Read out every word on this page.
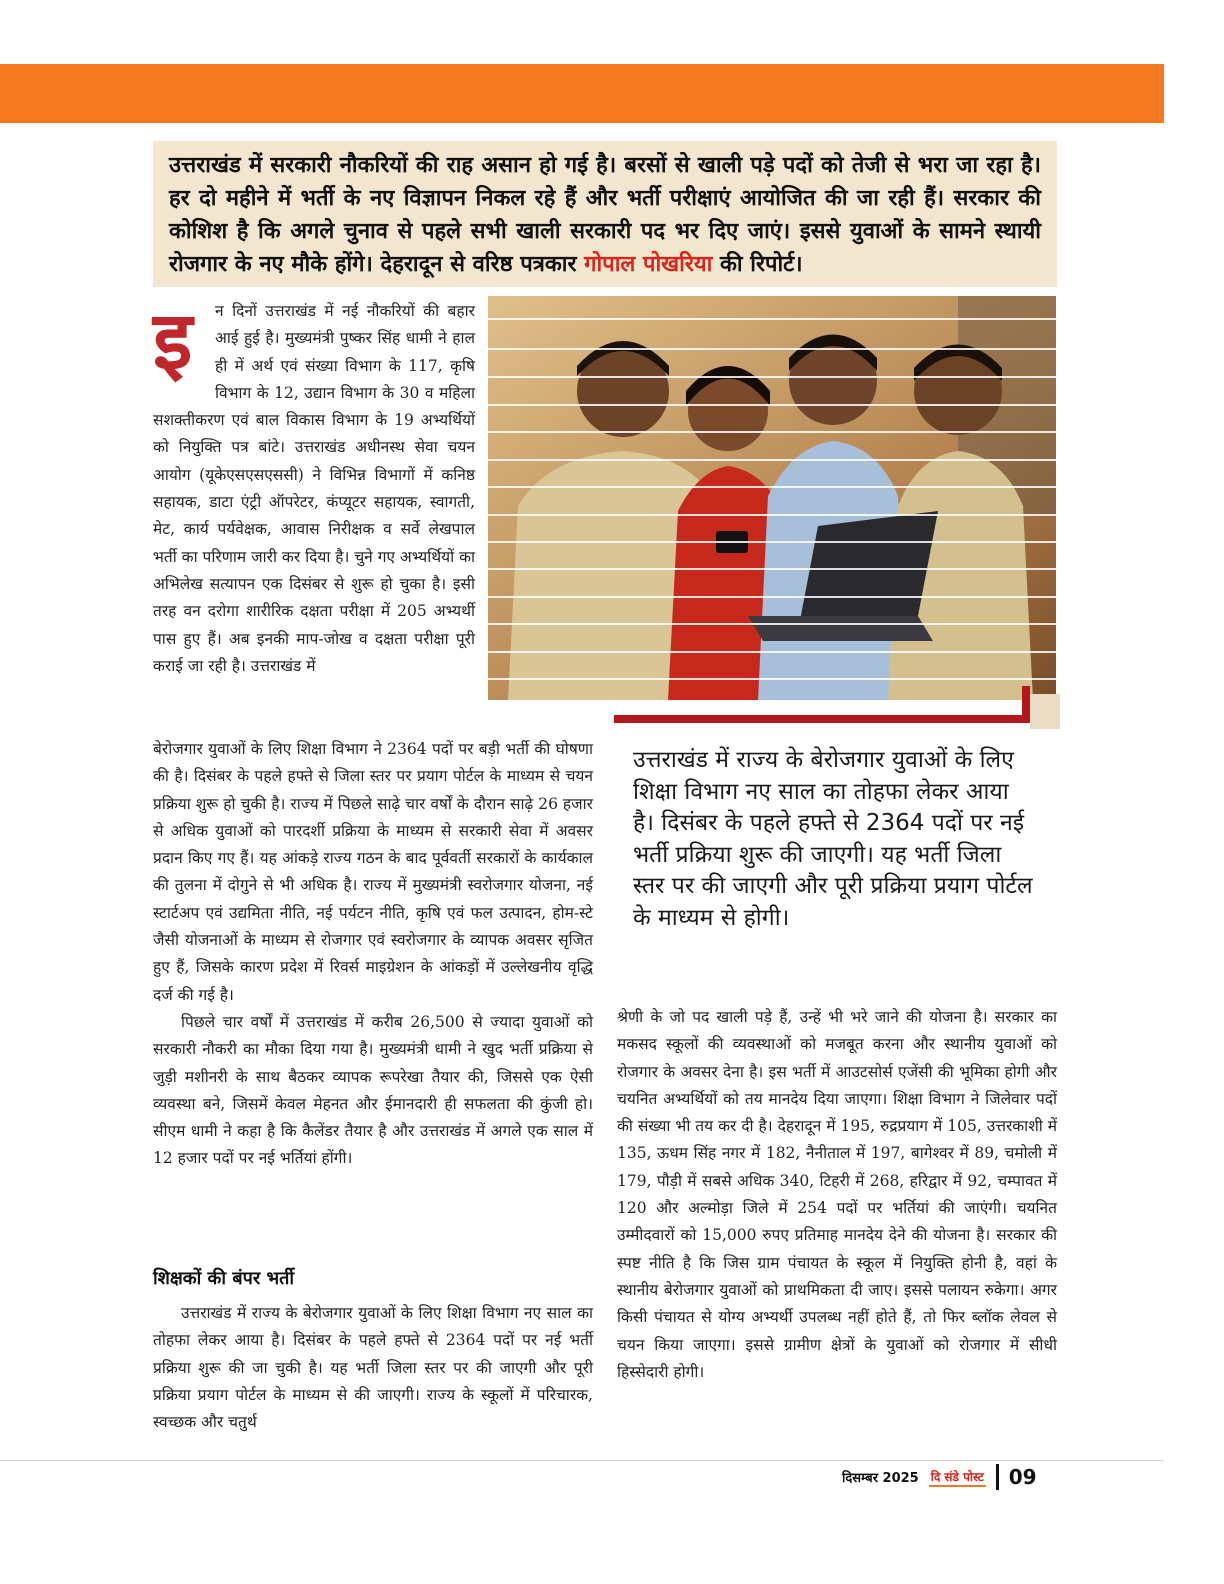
उत्तराखंड में सरकारी नौकरियों की राह असान हो गई है। बरसों से खाली पड़े पदों को तेजी से भरा जा रहा है। हर दो महीने में भर्ती के नए विज्ञापन निकल रहे हैं और भर्ती परीक्षाएं आयोजित की जा रही हैं। सरकार की कोशिश है कि अगले चुनाव से पहले सभी खाली सरकारी पद भर दिए जाएं। इससे युवाओं के सामने स्थायी रोजगार के नए मौके होंगे। देहरादून से वरिष्ठ पत्रकार गोपाल पोखरिया की रिपोर्ट।

इ	न दिनों उत्तराखंड में नई नौकरियों की बहार आई हुई है। मुख्यमंत्री पुष्कर सिंह धामी ने हाल ही में अर्थ एवं संख्या विभाग के 117, कृषि विभाग के 12, उद्यान विभाग के 30 व महिला सशक्तीकरण एवं बाल विकास विभाग के 19 अभ्यर्थियों को नियुक्ति पत्र बांटे। उत्तराखंड अधीनस्थ सेवा चयन आयोग (यूकेएसएसएससी) ने विभिन्न विभागों में कनिष्ठ सहायक, डाटा एंट्री ऑपरेटर, कंप्यूटर सहायक, स्वागती, मेट, कार्य पर्यवेक्षक, आवास निरीक्षक व सर्वे लेखपाल भर्ती का परिणाम जारी कर दिया है। चुने गए अभ्यर्थियों का अभिलेख सत्यापन एक दिसंबर से शुरू हो चुका है। इसी तरह वन दरोगा शारीरिक दक्षता परीक्षा में 205 अभ्यर्थी पास हुए हैं। अब इनकी माप-जोख व दक्षता परीक्षा पूरी कराई जा रही है। उत्तराखंड में

उत्तराखंड में राज्य के बेरोजगार युवाओं के लिए शिक्षा विभाग नए साल का तोहफा लेकर आया है। दिसंबर के पहले हफ्ते से 2364 पदों पर नई भर्ती प्रक्रिया शुरू की जाएगी। यह भर्ती जिला स्तर पर की जाएगी और पूरी प्रक्रिया प्रयाग पोर्टल के माध्यम से होगी।

बेरोजगार युवाओं के लिए शिक्षा विभाग ने 2364 पदों पर बड़ी भर्ती की घोषणा की है। दिसंबर के पहले हफ्ते से जिला स्तर पर प्रयाग पोर्टल के माध्यम से चयन प्रक्रिया शुरू हो चुकी है। राज्य में पिछले साढ़े चार वर्षों के दौरान साढ़े 26 हजार से अधिक युवाओं को पारदर्शी प्रक्रिया के माध्यम से सरकारी सेवा में अवसर प्रदान किए गए हैं। यह आंकड़े राज्य गठन के बाद पूर्ववर्ती सरकारों के कार्यकाल की तुलना में दोगुने से भी अधिक है। राज्य में मुख्यमंत्री स्वरोजगार योजना, नई स्टार्टअप एवं उद्यमिता नीति, नई पर्यटन नीति, कृषि एवं फल उत्पादन, होम-स्टे जैसी योजनाओं के माध्यम से रोजगार एवं स्वरोजगार के व्यापक अवसर सृजित हुए हैं, जिसके कारण प्रदेश में रिवर्स माइग्रेशन के आंकड़ों में उल्लेखनीय वृद्धि दर्ज की गई है।

पिछले चार वर्षों में उत्तराखंड में करीब 26,500 से ज्यादा युवाओं को सरकारी नौकरी का मौका दिया गया है। मुख्यमंत्री धामी ने खुद भर्ती प्रक्रिया से जुड़ी मशीनरी के साथ बैठकर व्यापक रूपरेखा तैयार की, जिससे एक ऐसी व्यवस्था बने, जिसमें केवल मेहनत और ईमानदारी ही सफलता की कुंजी हो। सीएम धामी ने कहा है कि कैलेंडर तैयार है और उत्तराखंड में अगले एक साल में 12 हजार पदों पर नई भर्तियां होंगी।

शिक्षकों की बंपर भर्ती

उत्तराखंड में राज्य के बेरोजगार युवाओं के लिए शिक्षा विभाग नए साल का तोहफा लेकर आया है। दिसंबर के पहले हफ्ते से 2364 पदों पर नई भर्ती प्रक्रिया शुरू की जा चुकी है। यह भर्ती जिला स्तर पर की जाएगी और पूरी प्रक्रिया प्रयाग पोर्टल के माध्यम से की जाएगी। राज्य के स्कूलों में परिचारक, स्वच्छक और चतुर्थ

श्रेणी के जो पद खाली पड़े हैं, उन्हें भी भरे जाने की योजना है। सरकार का मकसद स्कूलों की व्यवस्थाओं को मजबूत करना और स्थानीय युवाओं को रोजगार के अवसर देना है। इस भर्ती में आउटसोर्स एजेंसी की भूमिका होगी और चयनित अभ्यर्थियों को तय मानदेय दिया जाएगा। शिक्षा विभाग ने जिलेवार पदों की संख्या भी तय कर दी है। देहरादून में 195, रुद्रप्रयाग में 105, उत्तरकाशी में 135, ऊधम सिंह नगर में 182, नैनीताल में 197, बागेश्वर में 89, चमोली में 179, पौड़ी में सबसे अधिक 340, टिहरी में 268, हरिद्वार में 92, चम्पावत में 120 और अल्मोड़ा जिले में 254 पदों पर भर्तियां की जाएंगी। चयनित उम्मीदवारों को 15,000 रुपए प्रतिमाह मानदेय देने की योजना है। सरकार की स्पष्ट नीति है कि जिस ग्राम पंचायत के स्कूल में नियुक्ति होनी है, वहां के स्थानीय बेरोजगार युवाओं को प्राथमिकता दी जाए। इससे पलायन रुकेगा। अगर किसी पंचायत से योग्य अभ्यर्थी उपलब्ध नहीं होते हैं, तो फिर ब्लॉक लेवल से चयन किया जाएगा। इससे ग्रामीण क्षेत्रों के युवाओं को रोजगार में सीधी हिस्सेदारी होगी।

दिसम्बर 2025 दि संडे पोस्ट 09
